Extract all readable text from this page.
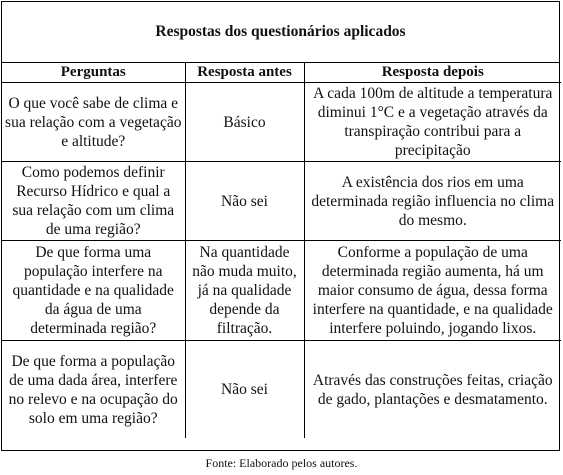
Respostas dos questionários aplicados
Perguntas	Resposta antes	Resposta depois
O que você sabe de clima e sua relação com a vegetação e altitude?	Básico	A cada 100m de altitude a temperatura diminui 1°C e a vegetação através da transpiração contribui para a precipitação
Como podemos definir Recurso Hídrico e qual a sua relação com um clima de uma região?	Não sei	A existência dos rios em uma determinada região influencia no clima do mesmo.
De que forma uma população interfere na quantidade e na qualidade da água de uma determinada região?	Na quantidade não muda muito, já na qualidade depende da filtração.	Conforme a população de uma determinada região aumenta, há um maior consumo de água, dessa forma interfere na quantidade, e na qualidade interfere poluindo, jogando lixos.
De que forma a população de uma dada área, interfere no relevo e na ocupação do solo em uma região?	Não sei	Através das construções feitas, criação de gado, plantações e desmatamento.
Fonte: Elaborado pelos autores.
